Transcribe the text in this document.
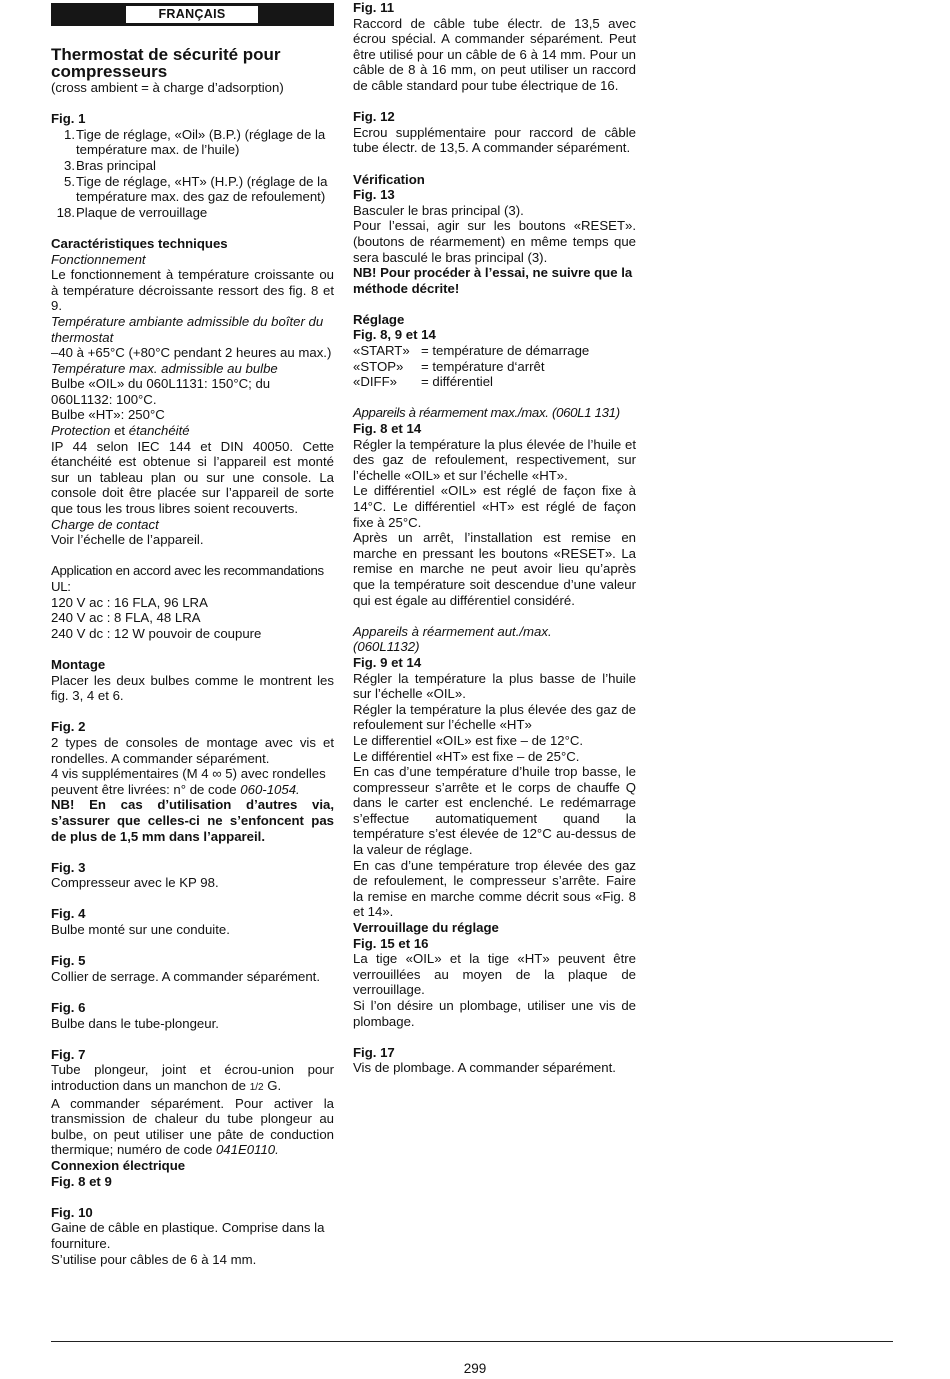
FRANÇAIS
Thermostat de sécurité pour
compresseurs

(cross ambient = à charge d’adsorption)

Fig. 1

1. Tige de réglage, «Oil» (B.P.) (réglage de la température max. de l’huile)
3. Bras principal
5. Tige de réglage, «HT» (H.P.) (réglage de la température max. des gaz de refoulement)
18. Plaque de verrouillage

Caractéristiques techniques

Fonctionnement

Le fonctionnement à température croissante ou à température décroissante ressort des fig. 8 et 9.

Température ambiante admissible du boîter du thermostat

–40 à +65°C (+80°C pendant 2 heures au max.)

Température max. admissible au bulbe

Bulbe «OIL» du 060L1131: 150°C; du 060L1132: 100°C.

Bulbe «HT»: 250°C

Protection et étanchéité

IP 44 selon IEC 144 et DIN 40050. Cette étanchéité est obtenue si l’appareil est monté sur un tableau plan ou sur une console. La console doit être placée sur l’appareil de sorte que tous les trous libres soient recouverts.

Charge de contact

Voir l’échelle de l’appareil.

Application en accord avec les recommandations UL:

120 V ac : 16 FLA, 96 LRA

240 V ac : 8 FLA, 48 LRA

240 V dc : 12 W pouvoir de coupure

Montage

Placer les deux bulbes comme le montrent les fig. 3, 4 et 6.

Fig. 2

2 types de consoles de montage avec vis et rondelles. A commander séparément.

4 vis supplémentaires (M 4 ∞ 5) avec rondelles peuvent être livrées: n° de code 060-1054.

NB! En cas d’utilisation d’autres via, s’assurer que celles-ci ne s’enfoncent pas de plus de 1,5 mm dans l’appareil.

Fig. 3

Compresseur avec le KP 98.

Fig. 4

Bulbe monté sur une conduite.

Fig. 5

Collier de serrage. A commander séparément.

Fig. 6

Bulbe dans le tube-plongeur.

Fig. 7

Tube plongeur, joint et écrou-union pour introduction dans un manchon de 1/2 G.

A commander séparément. Pour activer la transmission de chaleur du tube plongeur au bulbe, on peut utiliser une pâte de conduction thermique; numéro de code 041E0110.

Connexion électrique

Fig. 8 et 9

Fig. 10

Gaine de câble en plastique. Comprise dans la fourniture.

S’utilise pour câbles de 6 à 14 mm.

Fig. 11

Raccord de câble tube électr. de 13,5 avec écrou spécial. A commander séparément. Peut être utilisé pour un câble de 6 à 14 mm. Pour un câble de 8 à 16 mm, on peut utiliser un raccord de câble standard pour tube électrique de 16.

Fig. 12

Ecrou supplémentaire pour raccord de câble tube électr. de 13,5. A commander séparément.

Vérification

Fig. 13

Basculer le bras principal (3).

Pour l’essai, agir sur les boutons «RESET». (boutons de réarmement) en même temps que sera basculé le bras principal (3).

NB! Pour procéder à l’essai, ne suivre que la méthode décrite!

Réglage

Fig. 8, 9 et 14

«START» = température de démarrage
«STOP»	= température d‘arrêt
«DIFF»	= différentiel

Appareils à réarmement max./max. (060L1 131)

Fig. 8 et 14

Régler la température la plus élevée de l’huile et des gaz de refoulement, respectivement, sur l’échelle «OIL» et sur l’échelle «HT».

Le différentiel «OIL» est réglé de façon fixe à 14°C. Le différentiel «HT» est réglé de façon fixe à 25°C.

Après un arrêt, l’installation est remise en marche en pressant les boutons «RESET». La remise en marche ne peut avoir lieu qu’après que la température soit descendue d’une valeur qui est égale au différentiel considéré.

Appareils à réarmement aut./max.

(060L1132)

Fig. 9 et 14

Régler la température la plus basse de l’huile sur l’échelle «OIL».

Régler la température la plus élevée des gaz de refoulement sur l’échelle «HT»

Le differentiel «OIL» est fixe – de 12°C.

Le différentiel «HT» est fixe – de 25°C.

En cas d’une température d’huile trop basse, le compresseur s’arrête et le corps de chauffe Q dans le carter est enclenché. Le redémarrage s’effectue automatiquement quand la température s’est élevée de 12°C au-dessus de la valeur de réglage.

En cas d’une température trop élevée des gaz de refoulement, le compresseur s’arrête. Faire la remise en marche comme décrit sous «Fig. 8 et 14».

Verrouillage du réglage

Fig. 15 et 16

La tige «OIL» et la tige «HT» peuvent être verrouillées au moyen de la plaque de verrouillage.

Si l’on désire un plombage, utiliser une vis de plombage.

Fig. 17

Vis de plombage. A commander séparément.

299
